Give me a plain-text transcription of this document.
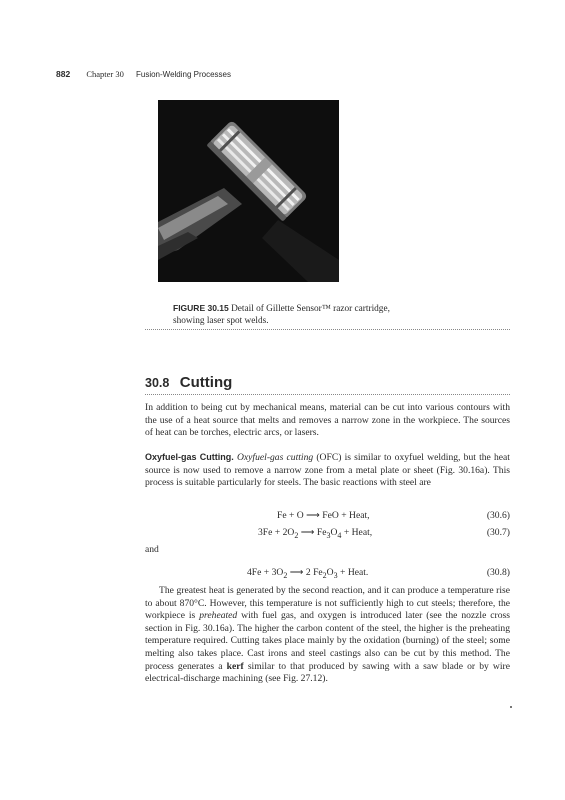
882 Chapter 30 Fusion-Welding Processes
FIGURE 30.15 Detail of Gillette Sensor™ razor cartridge, showing laser spot welds.
30.8 Cutting

In addition to being cut by mechanical means, material can be cut into various contours with the use of a heat source that melts and removes a narrow zone in the workpiece. The sources of heat can be torches, electric arcs, or lasers.

Oxyfuel-gas Cutting. Oxyfuel-gas cutting (OFC) is similar to oxyfuel welding, but the heat source is now used to remove a narrow zone from a metal plate or sheet (Fig. 30.16a). This process is suitable particularly for steels. The basic reactions with steel are

Fe + O ⟶ FeO + Heat,	(30.6)
$3Fe + 2O_2$ ⟶ $Fe_3O_4$ + Heat,	(30.7)
and
$4Fe + 3O_2$ ⟶ 2 $Fe_2O_3$ + Heat.	(30.8)

The greatest heat is generated by the second reaction, and it can produce a temperature rise to about 870°C. However, this temperature is not sufficiently high to cut steels; therefore, the workpiece is preheated with fuel gas, and oxygen is introduced later (see the nozzle cross section in Fig. 30.16a). The higher the carbon content of the steel, the higher is the preheating temperature required. Cutting takes place mainly by the oxidation (burning) of the steel; some melting also takes place. Cast irons and steel castings also can be cut by this method. The process generates a kerf similar to that produced by sawing with a saw blade or by wire electrical-discharge machining (see Fig. 27.12).
